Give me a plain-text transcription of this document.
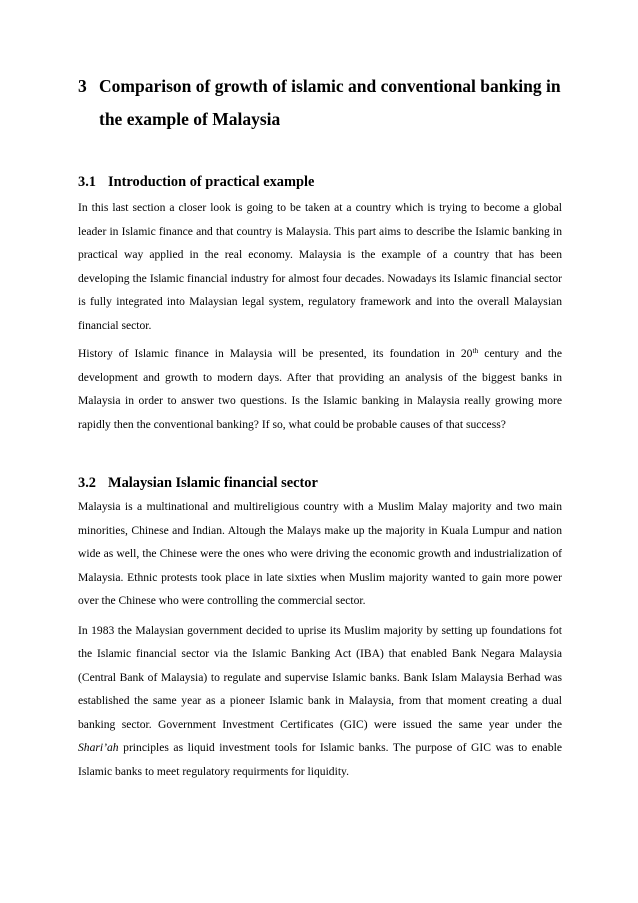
3 Comparison of growth of islamic and conventional banking in the example of Malaysia
3.1 Introduction of practical example

In this last section a closer look is going to be taken at a country which is trying to become a global leader in Islamic finance and that country is Malaysia. This part aims to describe the Islamic banking in practical way applied in the real economy. Malaysia is the example of a country that has been developing the Islamic financial industry for almost four decades. Nowadays its Islamic financial sector is fully integrated into Malaysian legal system, regulatory framework and into the overall Malaysian financial sector.

History of Islamic finance in Malaysia will be presented, its foundation in 20th century and the development and growth to modern days. After that providing an analysis of the biggest banks in Malaysia in order to answer two questions. Is the Islamic banking in Malaysia really growing more rapidly then the conventional banking? If so, what could be probable causes of that success?

3.2 Malaysian Islamic financial sector

Malaysia is a multinational and multireligious country with a Muslim Malay majority and two main minorities, Chinese and Indian. Altough the Malays make up the majority in Kuala Lumpur and nation wide as well, the Chinese were the ones who were driving the economic growth and industrialization of Malaysia. Ethnic protests took place in late sixties when Muslim majority wanted to gain more power over the Chinese who were controlling the commercial sector.

In 1983 the Malaysian government decided to uprise its Muslim majority by setting up foundations fot the Islamic financial sector via the Islamic Banking Act (IBA) that enabled Bank Negara Malaysia (Central Bank of Malaysia) to regulate and supervise Islamic banks. Bank Islam Malaysia Berhad was established the same year as a pioneer Islamic bank in Malaysia, from that moment creating a dual banking sector. Government Investment Certificates (GIC) were issued the same year under the Shari’ah principles as liquid investment tools for Islamic banks. The purpose of GIC was to enable Islamic banks to meet regulatory requirments for liquidity.
